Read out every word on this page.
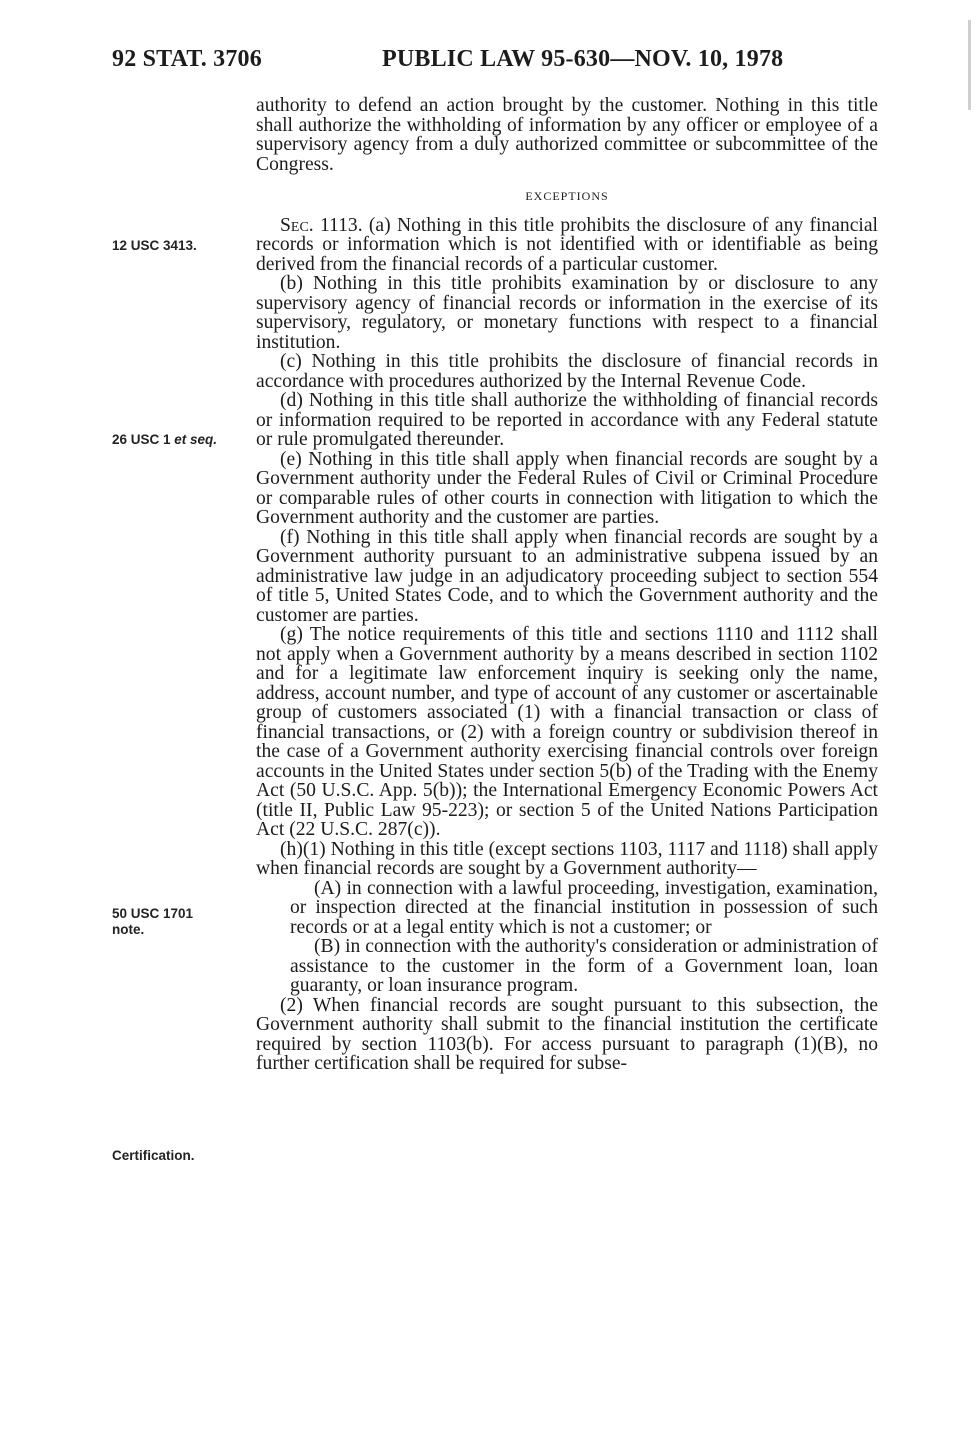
92 STAT. 3706	PUBLIC LAW 95-630—NOV. 10, 1978
12 USC 3413.
26 USC 1 et seq.
50 USC 1701
note.
Certification.

authority to defend an action brought by the customer. Nothing in this title shall authorize the withholding of information by any officer or employee of a supervisory agency from a duly authorized committee or subcommittee of the Congress.

EXCEPTIONS

Sec. 1113. (a) Nothing in this title prohibits the disclosure of any financial records or information which is not identified with or identifiable as being derived from the financial records of a particular customer.

(b) Nothing in this title prohibits examination by or disclosure to any supervisory agency of financial records or information in the exercise of its supervisory, regulatory, or monetary functions with respect to a financial institution.

(c) Nothing in this title prohibits the disclosure of financial records in accordance with procedures authorized by the Internal Revenue Code.

(d) Nothing in this title shall authorize the withholding of financial records or information required to be reported in accordance with any Federal statute or rule promulgated thereunder.

(e) Nothing in this title shall apply when financial records are sought by a Government authority under the Federal Rules of Civil or Criminal Procedure or comparable rules of other courts in connection with litigation to which the Government authority and the customer are parties.

(f) Nothing in this title shall apply when financial records are sought by a Government authority pursuant to an administrative subpena issued by an administrative law judge in an adjudicatory proceeding subject to section 554 of title 5, United States Code, and to which the Government authority and the customer are parties.

(g) The notice requirements of this title and sections 1110 and 1112 shall not apply when a Government authority by a means described in section 1102 and for a legitimate law enforcement inquiry is seeking only the name, address, account number, and type of account of any customer or ascertainable group of customers associated (1) with a financial transaction or class of financial transactions, or (2) with a foreign country or subdivision thereof in the case of a Government authority exercising financial controls over foreign accounts in the United States under section 5(b) of the Trading with the Enemy Act (50 U.S.C. App. 5(b)); the International Emergency Economic Powers Act (title II, Public Law 95-223); or section 5 of the United Nations Participation Act (22 U.S.C. 287(c)).

(h)(1) Nothing in this title (except sections 1103, 1117 and 1118) shall apply when financial records are sought by a Government authority—

(A) in connection with a lawful proceeding, investigation, examination, or inspection directed at the financial institution in possession of such records or at a legal entity which is not a customer; or

(B) in connection with the authority's consideration or administration of assistance to the customer in the form of a Government loan, loan guaranty, or loan insurance program.

(2) When financial records are sought pursuant to this subsection, the Government authority shall submit to the financial institution the certificate required by section 1103(b). For access pursuant to paragraph (1)(B), no further certification shall be required for subse-
